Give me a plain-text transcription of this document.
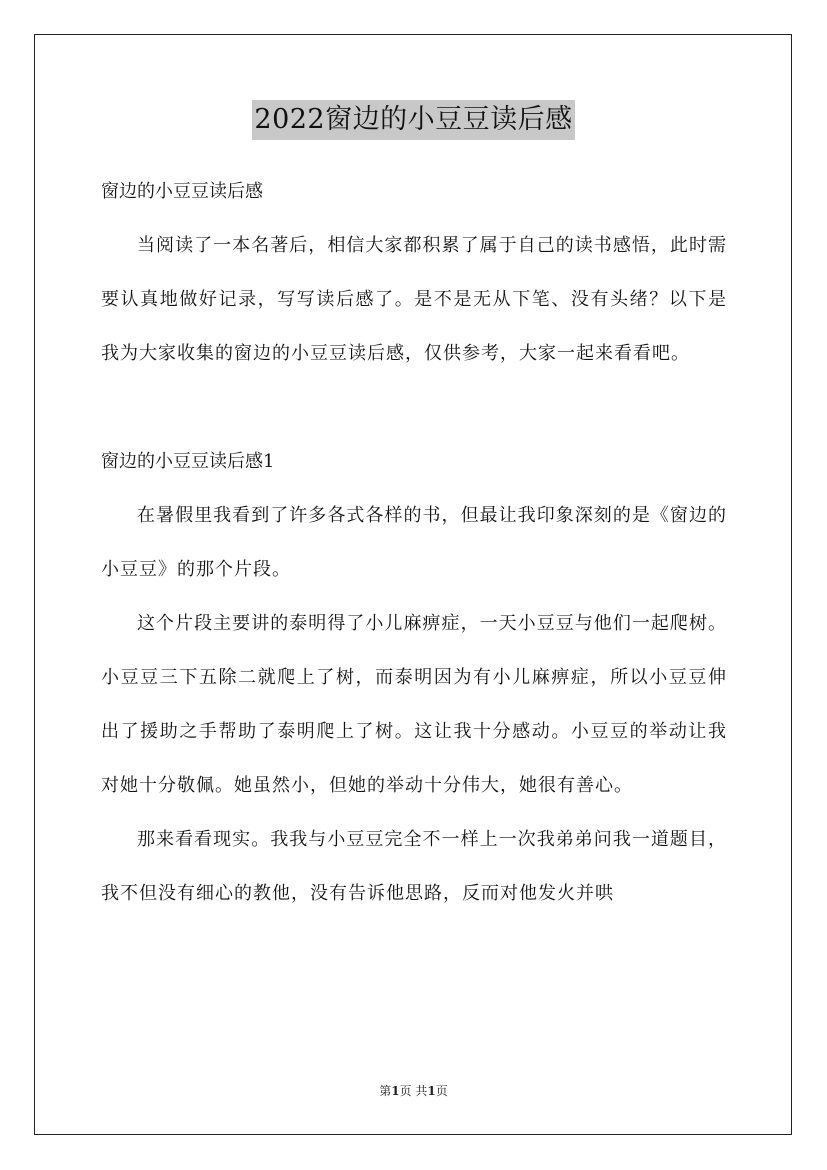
2022窗边的小豆豆读后感

窗边的小豆豆读后感

当阅读了一本名著后，相信大家都积累了属于自己的读书感悟，此时需要认真地做好记录，写写读后感了。是不是无从下笔、没有头绪？以下是我为大家收集的窗边的小豆豆读后感，仅供参考，大家一起来看看吧。

窗边的小豆豆读后感1

在暑假里我看到了许多各式各样的书，但最让我印象深刻的是《窗边的小豆豆》的那个片段。

这个片段主要讲的泰明得了小儿麻痹症，一天小豆豆与他们一起爬树。小豆豆三下五除二就爬上了树，而泰明因为有小儿麻痹症，所以小豆豆伸出了援助之手帮助了泰明爬上了树。这让我十分感动。小豆豆的举动让我对她十分敬佩。她虽然小，但她的举动十分伟大，她很有善心。

那来看看现实。我我与小豆豆完全不一样上一次我弟弟问我一道题目，我不但没有细心的教他，没有告诉他思路，反而对他发火并哄

第1页 共1页
